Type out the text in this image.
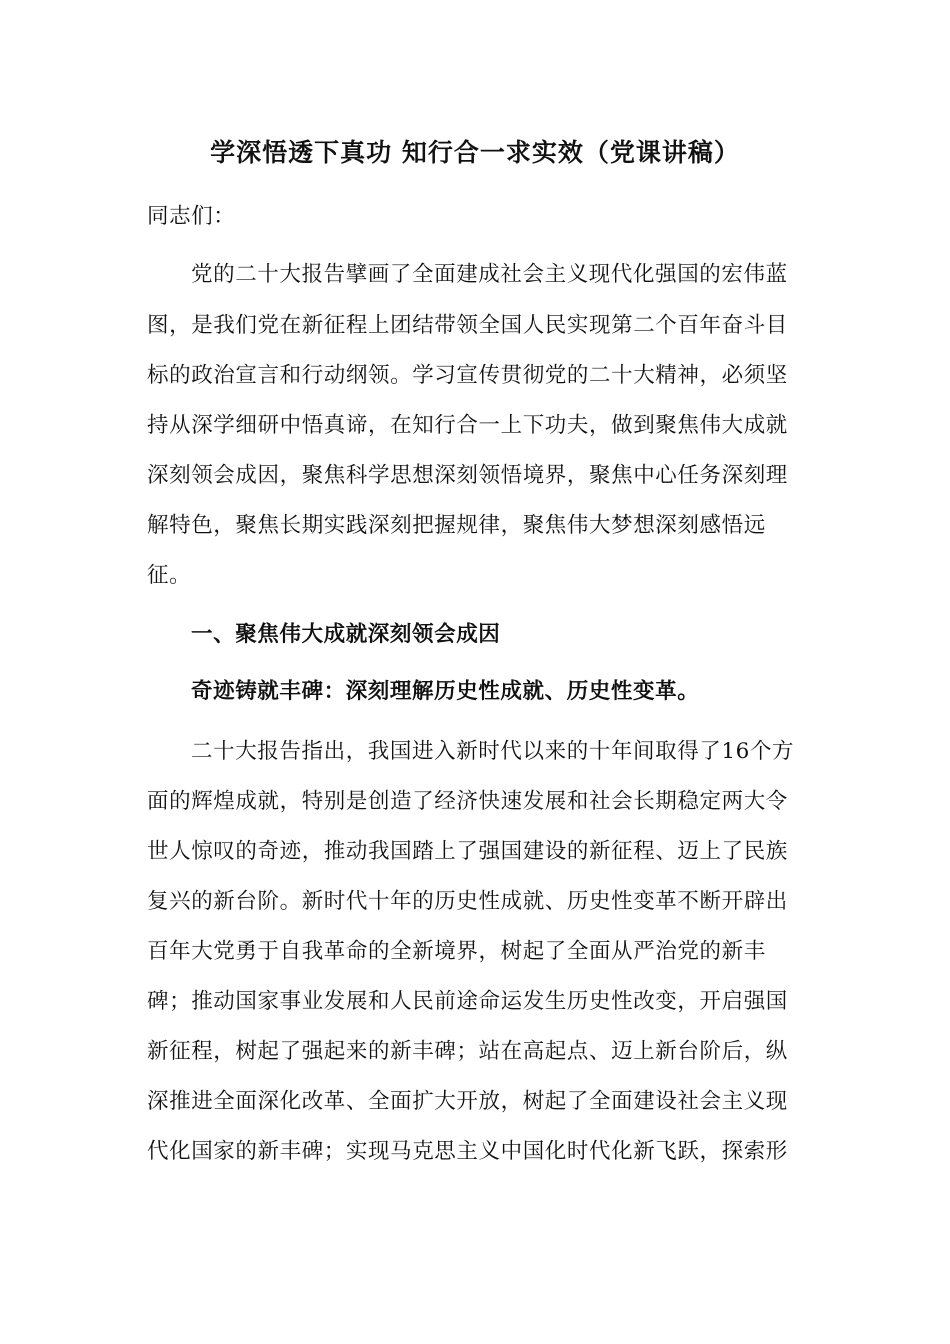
学深悟透下真功 知行合一求实效（党课讲稿）
同志们：
党的二十大报告擘画了全面建成社会主义现代化强国的宏伟蓝
图，是我们党在新征程上团结带领全国人民实现第二个百年奋斗目
标的政治宣言和行动纲领。学习宣传贯彻党的二十大精神，必须坚
持从深学细研中悟真谛，在知行合一上下功夫，做到聚焦伟大成就
深刻领会成因，聚焦科学思想深刻领悟境界，聚焦中心任务深刻理
解特色，聚焦长期实践深刻把握规律，聚焦伟大梦想深刻感悟远
征。
一、聚焦伟大成就深刻领会成因
奇迹铸就丰碑：深刻理解历史性成就、历史性变革。
二十大报告指出，我国进入新时代以来的十年间取得了16个方
面的辉煌成就，特别是创造了经济快速发展和社会长期稳定两大令
世人惊叹的奇迹，推动我国踏上了强国建设的新征程、迈上了民族
复兴的新台阶。新时代十年的历史性成就、历史性变革不断开辟出
百年大党勇于自我革命的全新境界，树起了全面从严治党的新丰
碑；推动国家事业发展和人民前途命运发生历史性改变，开启强国
新征程，树起了强起来的新丰碑；站在高起点、迈上新台阶后，纵
深推进全面深化改革、全面扩大开放，树起了全面建设社会主义现
代化国家的新丰碑；实现马克思主义中国化时代化新飞跃，探索形
